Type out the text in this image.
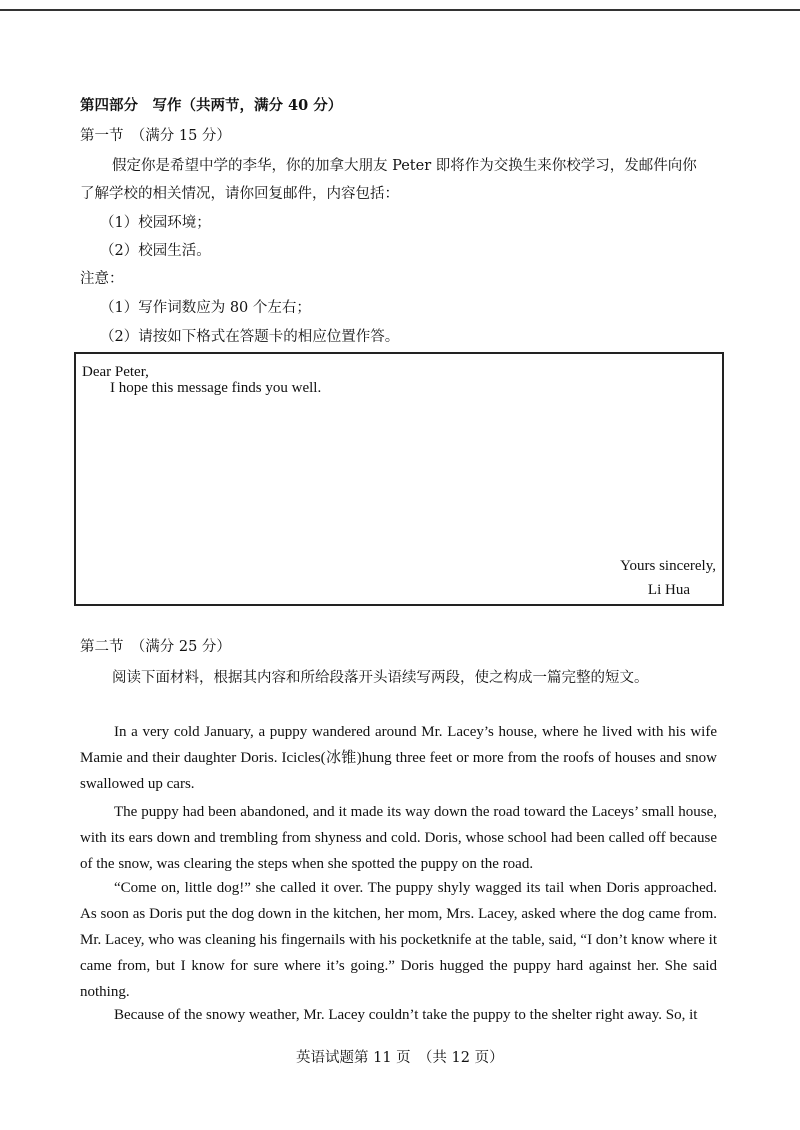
第四部分　写作（共两节，满分 40 分）
第一节　（满分 15 分）
假定你是希望中学的李华，你的加拿大朋友 Peter 即将作为交换生来你校学习，发邮件向你
了解学校的相关情况，请你回复邮件，内容包括：
（1）校园环境；
（2）校园生活。
注意：
（1）写作词数应为 80 个左右；
（2）请按如下格式在答题卡的相应位置作答。
Dear Peter,
I hope this message finds you well.
Yours sincerely,
Li Hua
第二节　（满分 25 分）
阅读下面材料，根据其内容和所给段落开头语续写两段，使之构成一篇完整的短文。
In a very cold January, a puppy wandered around Mr. Lacey’s house, where he lived with his wife Mamie and their daughter Doris. Icicles(冰锥)hung three feet or more from the roofs of houses and snow swallowed up cars.
The puppy had been abandoned, and it made its way down the road toward the Laceys’ small house, with its ears down and trembling from shyness and cold. Doris, whose school had been called off because of the snow, was clearing the steps when she spotted the puppy on the road.
“Come on, little dog!” she called it over. The puppy shyly wagged its tail when Doris approached. As soon as Doris put the dog down in the kitchen, her mom, Mrs. Lacey, asked where the dog came from. Mr. Lacey, who was cleaning his fingernails with his pocketknife at the table, said, “I don’t know where it came from, but I know for sure where it’s going.” Doris hugged the puppy hard against her. She said nothing.
Because of the snowy weather, Mr. Lacey couldn’t take the puppy to the shelter right away. So, it
英语试题第 11 页　（共 12 页）
